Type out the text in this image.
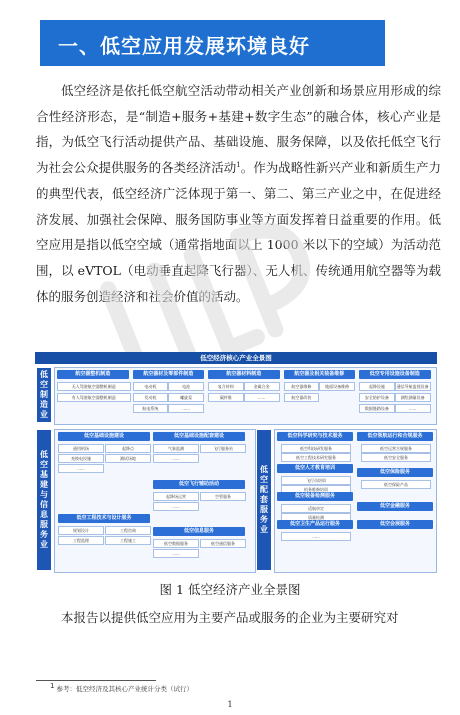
一、低空应用发展环境良好

低空经济是依托低空航空活动带动相关产业创新和场景应用形成的综合性经济形态，是“制造+服务+基建+数字生态”的融合体，核心产业是指，为低空飞行活动提供产品、基础设施、服务保障，以及依托低空飞行为社会公众提供服务的各类经济活动$^1$。作为战略性新兴产业和新质生产力的典型代表，低空经济广泛体现于第一、第二、第三产业之中，在促进经济发展、加强社会保障、服务国防事业等方面发挥着日益重要的作用。低空应用是指以低空空域（通常指地面以上 1000 米以下的空域）为活动范围，以 eVTOL（电动垂直起降飞行器）、无人机、传统通用航空器等为载体的服务创造经济和社会价值的活动。

低空经济核心产业全景图
低空制造业
低空基建与信息服务业	低空配套服务业
航空器整机制造
无人驾驶航空器整机制造
有人驾驶航空器整机制造
航空器材及零部件制造
电动机	电池
发动机	螺旋桨
航电系统	......
航空器材料制造
复合材料	金属合金
碳纤维	......
航空器及相关装备维修
航空器维修	地面设备维修
航空器改装
低空专用设施设备制造
起降设施	通信导航监视设备
安全防护设备	测绘测量设备
数据链路设备	......
低空基础设施建设
通用机场	起降点
充换电设施	测试场地
......
低空基础设施配套建设
气象监测	飞行服务站
......
低空飞行辅助活动
起降场运营	空管服务
......
低空工程技术与设计服务
规划设计	工程咨询
工程监理	工程施工
低空信息服务
低空数据服务	低空通信服务
......
低空科学研究与技术服务
低空科技研发服务
低空工程技术研究服务
低空人才教育培训
飞行员培训
机务维修培训
低空装备检测服务
适航审定
质量检测
低空卫生产品运行服务
......
低空领航运行和合规服务
低空运营合规服务
低空安全服务
低空保险服务
低空保险产品
低空金融服务
低空会展服务
图 1 低空经济产业全景图
本报告以提供低空应用为主要产品或服务的企业为主要研究对
$^1$ 参考：低空经济及其核心产业统计分类（试行）
1
